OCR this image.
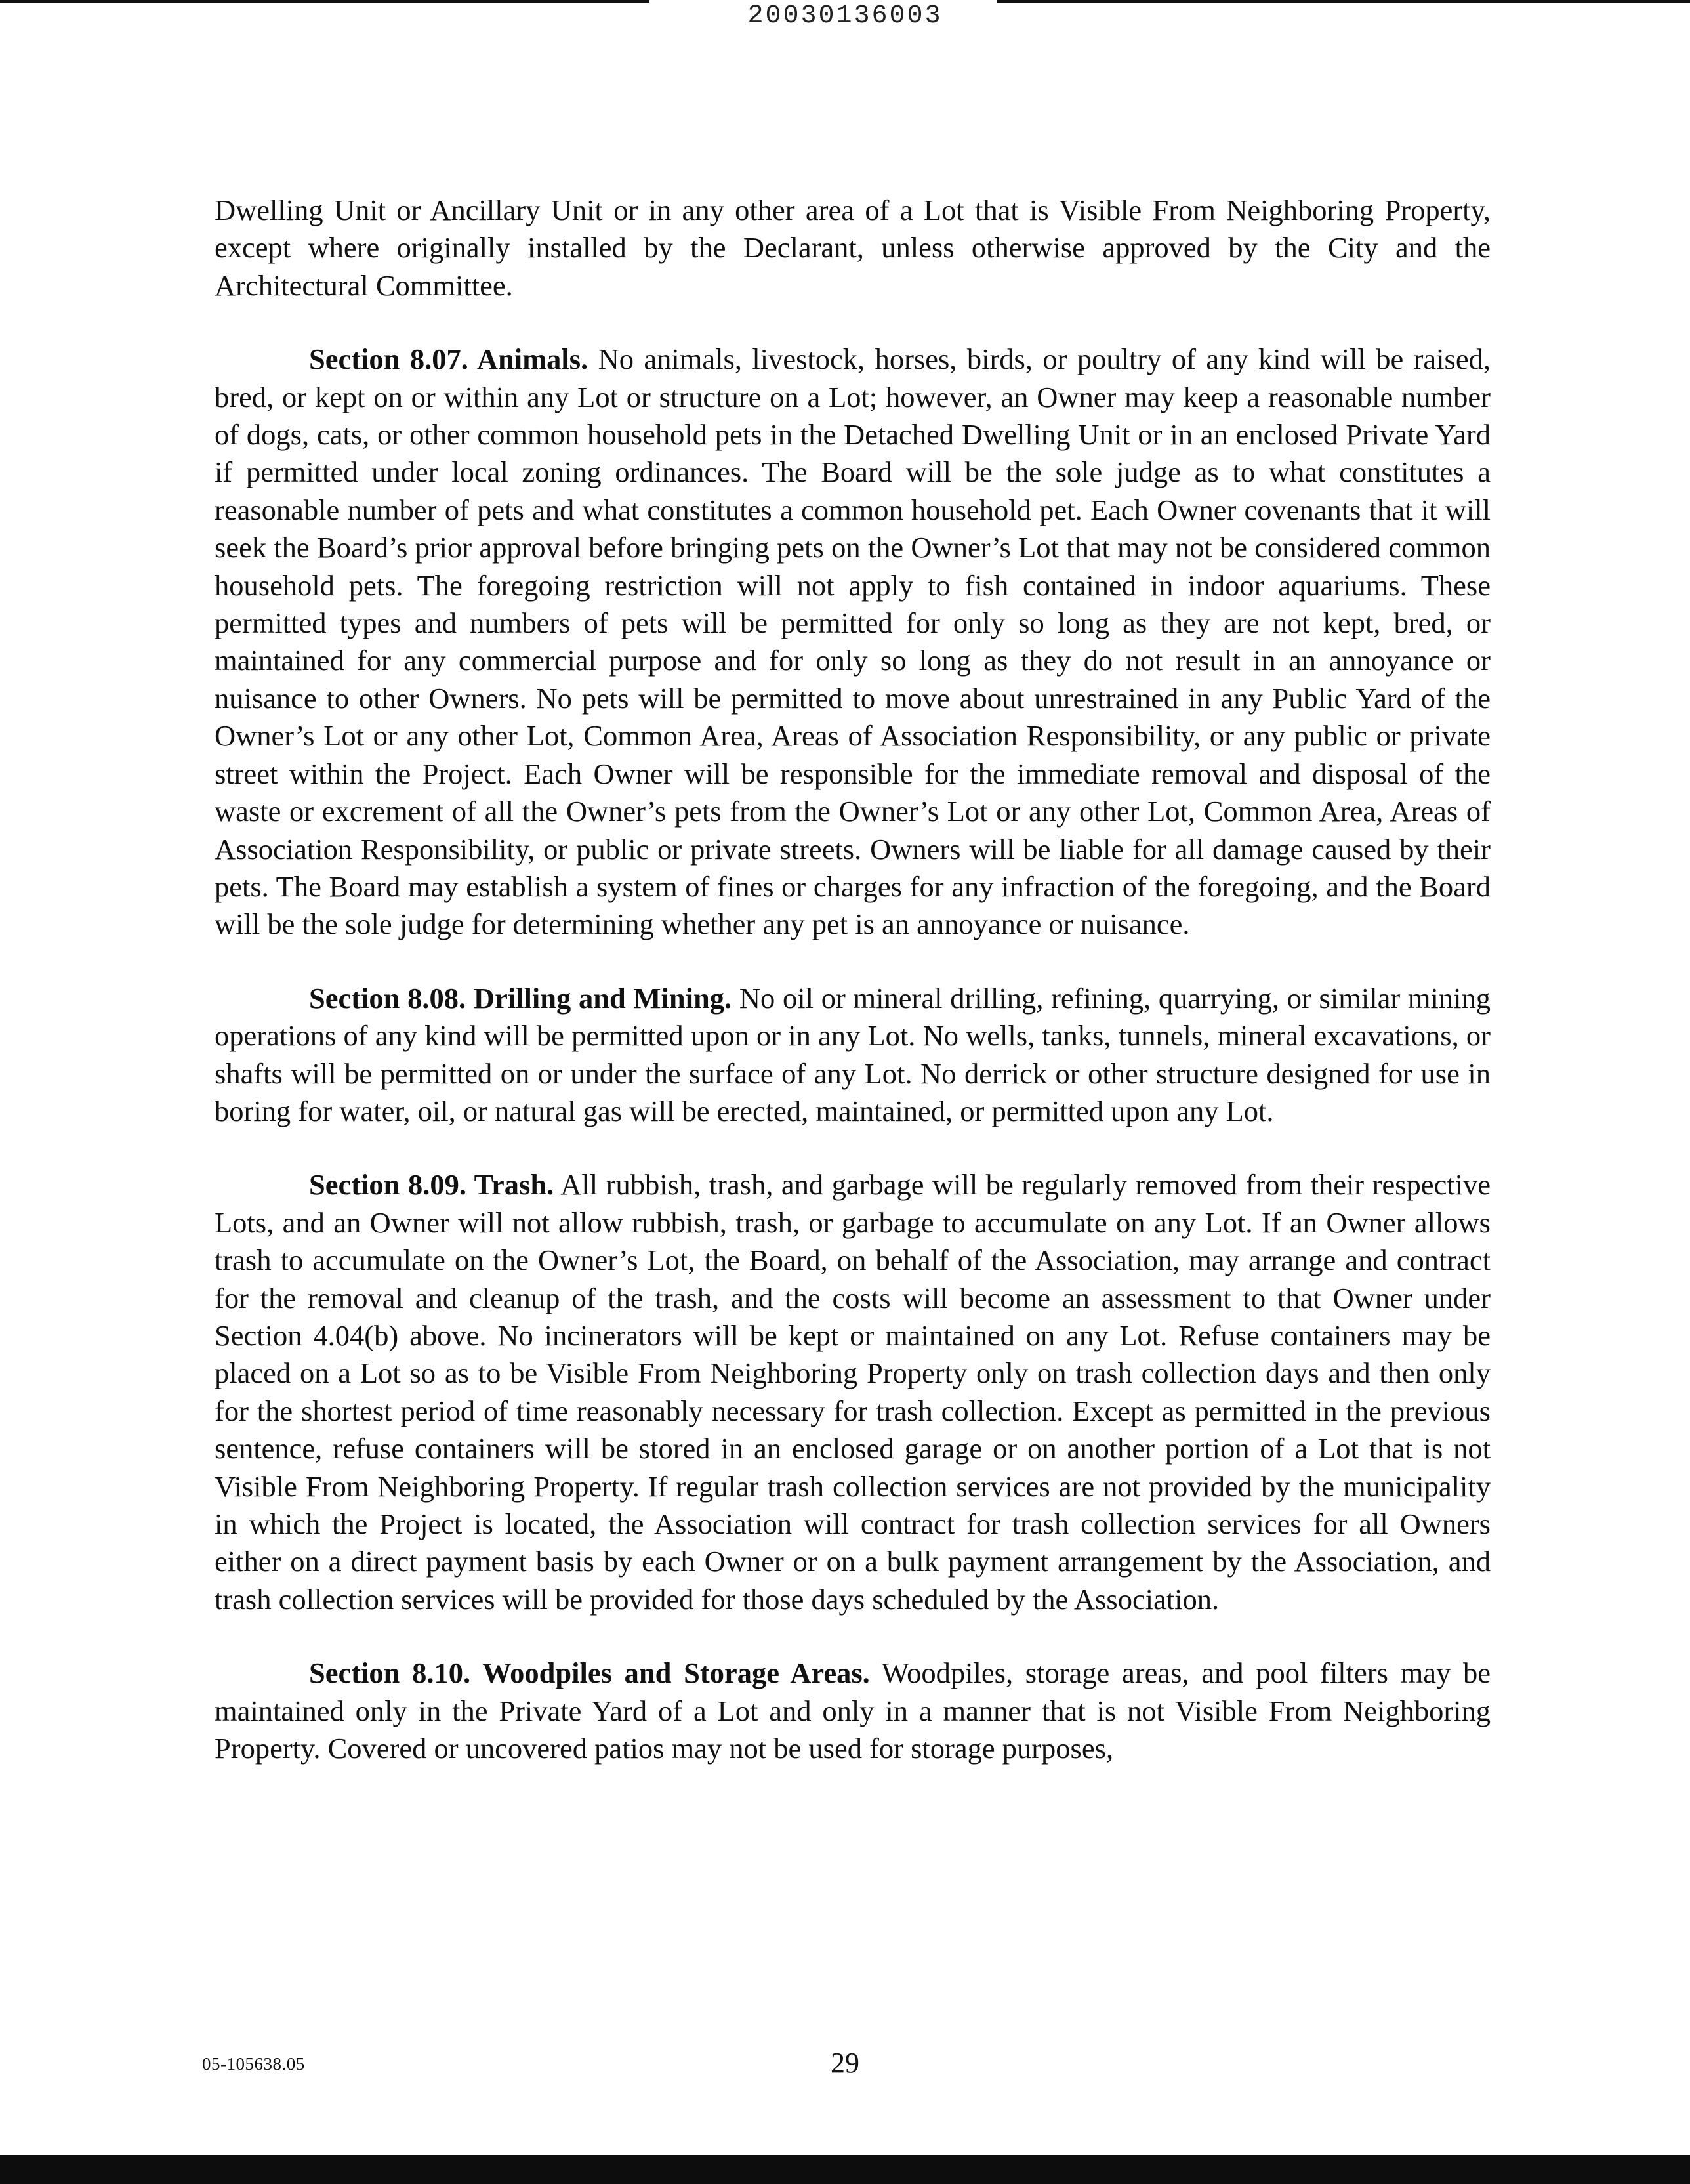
20030136003

Dwelling Unit or Ancillary Unit or in any other area of a Lot that is Visible From Neighboring Property, except where originally installed by the Declarant, unless otherwise approved by the City and the Architectural Committee.

Section 8.07. Animals. No animals, livestock, horses, birds, or poultry of any kind will be raised, bred, or kept on or within any Lot or structure on a Lot; however, an Owner may keep a reasonable number of dogs, cats, or other common household pets in the Detached Dwelling Unit or in an enclosed Private Yard if permitted under local zoning ordinances. The Board will be the sole judge as to what constitutes a reasonable number of pets and what constitutes a common household pet. Each Owner covenants that it will seek the Board’s prior approval before bringing pets on the Owner’s Lot that may not be considered common household pets. The foregoing restriction will not apply to fish contained in indoor aquariums. These permitted types and numbers of pets will be permitted for only so long as they are not kept, bred, or maintained for any commercial purpose and for only so long as they do not result in an annoyance or nuisance to other Owners. No pets will be permitted to move about unrestrained in any Public Yard of the Owner’s Lot or any other Lot, Common Area, Areas of Association Responsibility, or any public or private street within the Project. Each Owner will be responsible for the immediate removal and disposal of the waste or excrement of all the Owner’s pets from the Owner’s Lot or any other Lot, Common Area, Areas of Association Responsibility, or public or private streets. Owners will be liable for all damage caused by their pets. The Board may establish a system of fines or charges for any infraction of the foregoing, and the Board will be the sole judge for determining whether any pet is an annoyance or nuisance.

Section 8.08. Drilling and Mining. No oil or mineral drilling, refining, quarrying, or similar mining operations of any kind will be permitted upon or in any Lot. No wells, tanks, tunnels, mineral excavations, or shafts will be permitted on or under the surface of any Lot. No derrick or other structure designed for use in boring for water, oil, or natural gas will be erected, maintained, or permitted upon any Lot.

Section 8.09. Trash. All rubbish, trash, and garbage will be regularly removed from their respective Lots, and an Owner will not allow rubbish, trash, or garbage to accumulate on any Lot. If an Owner allows trash to accumulate on the Owner’s Lot, the Board, on behalf of the Association, may arrange and contract for the removal and cleanup of the trash, and the costs will become an assessment to that Owner under Section 4.04(b) above. No incinerators will be kept or maintained on any Lot. Refuse containers may be placed on a Lot so as to be Visible From Neighboring Property only on trash collection days and then only for the shortest period of time reasonably necessary for trash collection. Except as permitted in the previous sentence, refuse containers will be stored in an enclosed garage or on another portion of a Lot that is not Visible From Neighboring Property. If regular trash collection services are not provided by the municipality in which the Project is located, the Association will contract for trash collection services for all Owners either on a direct payment basis by each Owner or on a bulk payment arrangement by the Association, and trash collection services will be provided for those days scheduled by the Association.

Section 8.10. Woodpiles and Storage Areas. Woodpiles, storage areas, and pool filters may be maintained only in the Private Yard of a Lot and only in a manner that is not Visible From Neighboring Property. Covered or uncovered patios may not be used for storage purposes,

05-105638.05	29
